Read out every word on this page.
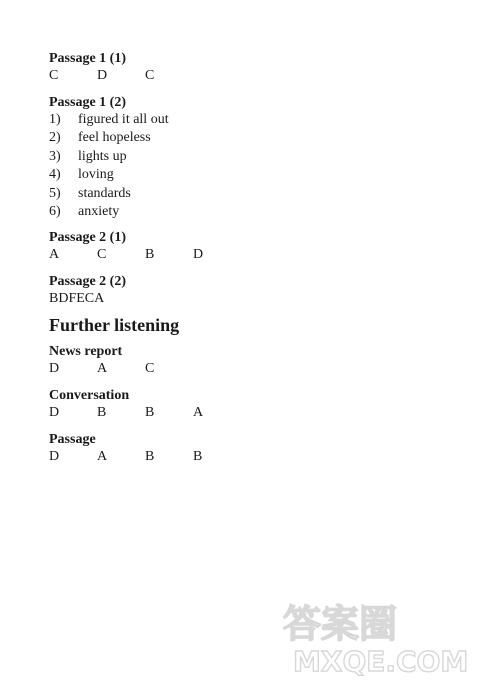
Passage 1 (1)

C	D	C

Passage 1 (2)

1) figured it all out
2) feel hopeless
3) lights up
4) loving
5) standards
6) anxiety

Passage 2 (1)

A	C	B	D

Passage 2 (2)

BDFECA

Further listening

News report

D	A	C

Conversation

D	B	B	A

Passage

D	A	B	B
答案圈
MXQE.COM
